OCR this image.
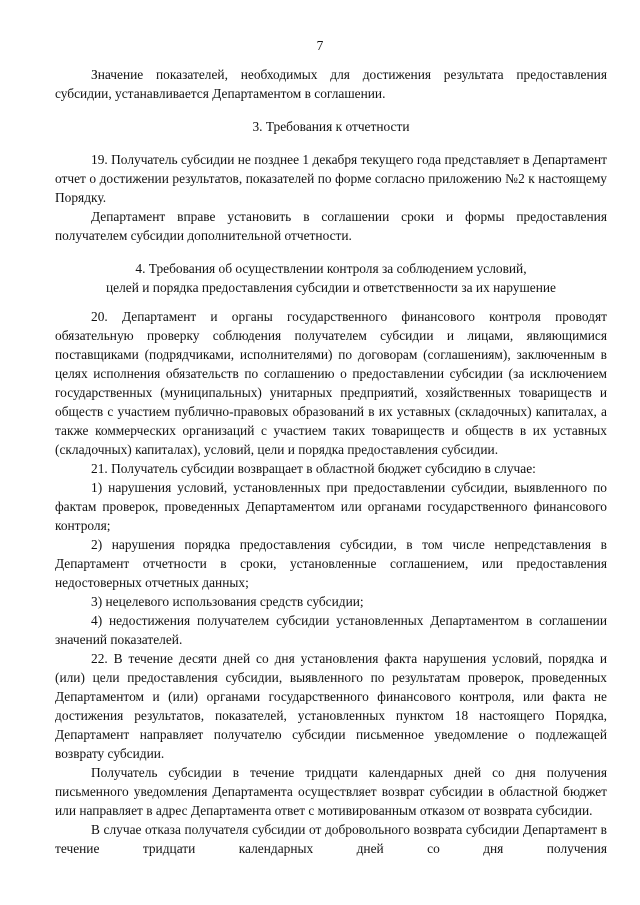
7

Значение показателей, необходимых для достижения результата предоставления субсидии, устанавливается Департаментом в соглашении.

3. Требования к отчетности

19. Получатель субсидии не позднее 1 декабря текущего года представляет в Департамент отчет о достижении результатов, показателей по форме согласно приложению №2 к настоящему Порядку.

Департамент вправе установить в соглашении сроки и формы предоставления получателем субсидии дополнительной отчетности.

4. Требования об осуществлении контроля за соблюдением условий,
целей и порядка предоставления субсидии и ответственности за их нарушение

20. Департамент и органы государственного финансового контроля проводят обязательную проверку соблюдения получателем субсидии и лицами, являющимися поставщиками (подрядчиками, исполнителями) по договорам (соглашениям), заключенным в целях исполнения обязательств по соглашению о предоставлении субсидии (за исключением государственных (муниципальных) унитарных предприятий, хозяйственных товариществ и обществ с участием публично-правовых образований в их уставных (складочных) капиталах, а также коммерческих организаций с участием таких товариществ и обществ в их уставных (складочных) капиталах), условий, цели и порядка предоставления субсидии.

21. Получатель субсидии возвращает в областной бюджет субсидию в случае:

1) нарушения условий, установленных при предоставлении субсидии, выявленного по фактам проверок, проведенных Департаментом или органами государственного финансового контроля;

2) нарушения порядка предоставления субсидии, в том числе непредставления в Департамент отчетности в сроки, установленные соглашением, или предоставления недостоверных отчетных данных;

3) нецелевого использования средств субсидии;

4) недостижения получателем субсидии установленных Департаментом в соглашении значений показателей.

22. В течение десяти дней со дня установления факта нарушения условий, порядка и (или) цели предоставления субсидии, выявленного по результатам проверок, проведенных Департаментом и (или) органами государственного финансового контроля, или факта не достижения результатов, показателей, установленных пунктом 18 настоящего Порядка, Департамент направляет получателю субсидии письменное уведомление о подлежащей возврату субсидии.

Получатель субсидии в течение тридцати календарных дней со дня получения письменного уведомления Департамента осуществляет возврат субсидии в областной бюджет или направляет в адрес Департамента ответ с мотивированным отказом от возврата субсидии.

В случае отказа получателя субсидии от добровольного возврата субсидии Департамент в течение тридцати календарных дней со дня получения
